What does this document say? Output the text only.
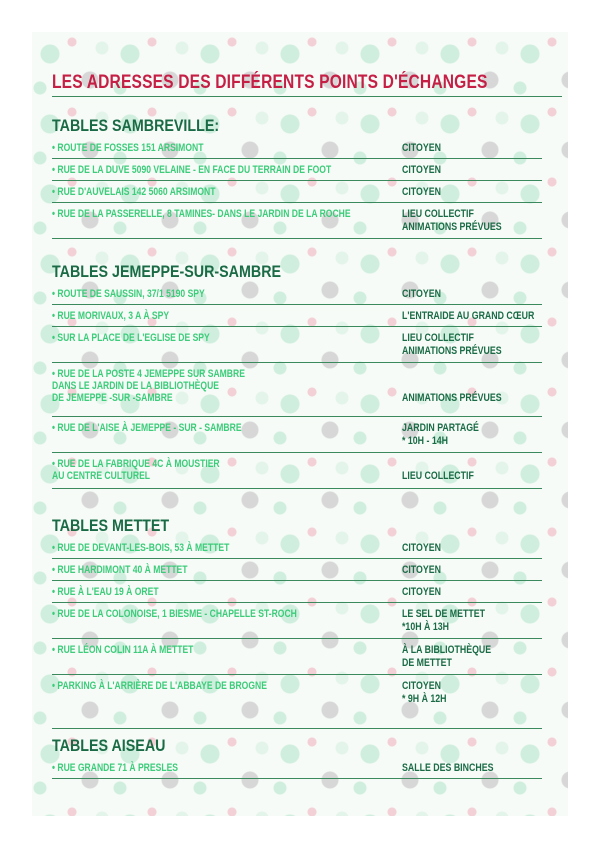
LES ADRESSES DES DIFFÉRENTS POINTS D'ÉCHANGES
TABLES SAMBREVILLE:
• ROUTE DE FOSSES 151 ARSIMONT	CITOYEN
• RUE DE LA DUVE 5090 VELAINE - EN FACE DU TERRAIN DE FOOT	CITOYEN
• RUE D'AUVELAIS 142 5060 ARSIMONT	CITOYEN
• RUE DE LA PASSERELLE, 8 TAMINES- DANS LE JARDIN DE LA ROCHE	LIEU COLLECTIF
ANIMATIONS PRÉVUES
TABLES JEMEPPE-SUR-SAMBRE
• ROUTE DE SAUSSIN, 37/1 5190 SPY	CITOYEN
• RUE MORIVAUX, 3 A À SPY	L'ENTRAIDE AU GRAND CŒUR
• SUR LA PLACE DE L'EGLISE DE SPY	LIEU COLLECTIF
ANIMATIONS PRÉVUES
• RUE DE LA POSTE 4 JEMEPPE SUR SAMBRE
DANS LE JARDIN DE LA BIBLIOTHÈQUE
DE JEMEPPE -SUR -SAMBRE	ANIMATIONS PRÉVUES
• RUE DE L'AISE À JEMEPPE - SUR - SAMBRE	JARDIN PARTAGÉ
* 10H - 14H
• RUE DE LA FABRIQUE 4C À MOUSTIER
AU CENTRE CULTUREL	LIEU COLLECTIF
TABLES METTET
• RUE DE DEVANT-LES-BOIS, 53 À METTET	CITOYEN
• RUE HARDIMONT 40 À METTET	CITOYEN
• RUE À L'EAU 19 À ORET	CITOYEN
• RUE DE LA COLONOISE, 1 BIESME - CHAPELLE ST-ROCH	LE SEL DE METTET
*10H À 13H
• RUE LÉON COLIN 11A À METTET	À LA BIBLIOTHÈQUE
DE METTET
• PARKING À L'ARRIÈRE DE L'ABBAYE DE BROGNE	CITOYEN
* 9H À 12H
TABLES AISEAU
• RUE GRANDE 71 À PRESLES	SALLE DES BINCHES
